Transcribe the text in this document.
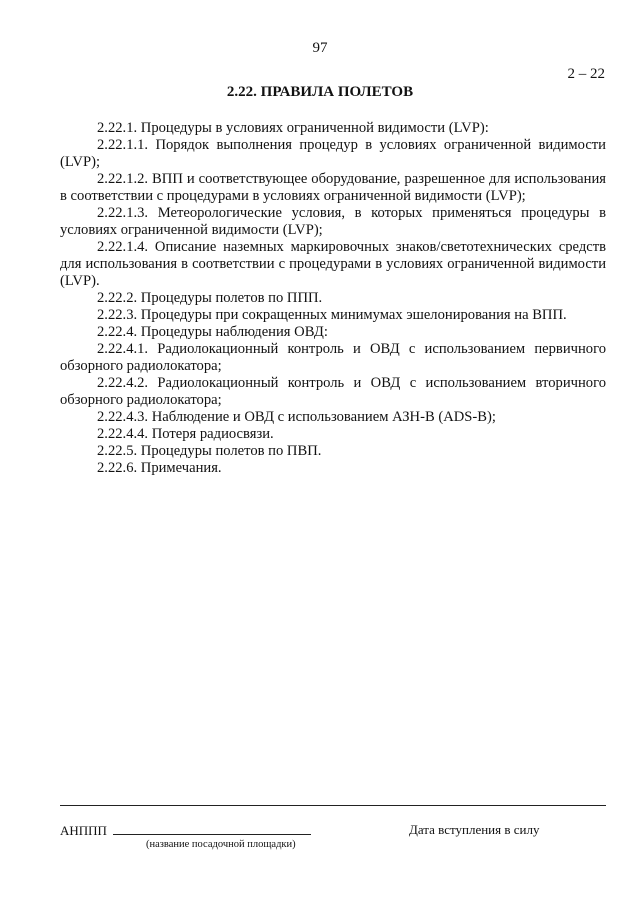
97
2 – 22
2.22. ПРАВИЛА ПОЛЕТОВ

2.22.1. Процедуры в условиях ограниченной видимости (LVP):

2.22.1.1. Порядок выполнения процедур в условиях ограниченной видимости (LVP);

2.22.1.2. ВПП и соответствующее оборудование, разрешенное для использования в соответствии с процедурами в условиях ограниченной видимости (LVP);

2.22.1.3. Метеорологические условия, в которых применяться процедуры в условиях ограниченной видимости (LVP);

2.22.1.4. Описание наземных маркировочных знаков/светотехнических средств для использования в соответствии с процедурами в условиях ограниченной видимости (LVP).

2.22.2. Процедуры полетов по ППП.

2.22.3. Процедуры при сокращенных минимумах эшелонирования на ВПП.

2.22.4. Процедуры наблюдения ОВД:

2.22.4.1. Радиолокационный контроль и ОВД с использованием первичного обзорного радиолокатора;

2.22.4.2. Радиолокационный контроль и ОВД с использованием вторичного обзорного радиолокатора;

2.22.4.3. Наблюдение и ОВД с использованием АЗН-В (ADS-B);

2.22.4.4. Потеря радиосвязи.

2.22.5. Процедуры полетов по ПВП.

2.22.6. Примечания.

АНППП
(название посадочной площадки)
Дата вступления в силу
